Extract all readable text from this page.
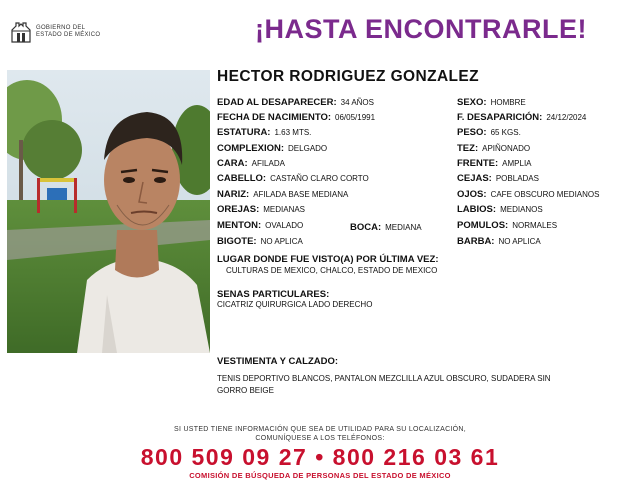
GOBIERNO DEL
ESTADO DE MÉXICO	¡HASTA ENCONTRARLE!
HECTOR RODRIGUEZ GONZALEZ
EDAD AL DESAPARECER: 34 AÑOS
FECHA DE NACIMIENTO: 06/05/1991
ESTATURA: 1.63 MTS.
COMPLEXION: DELGADO
CARA: AFILADA
CABELLO: CASTAÑO CLARO CORTO
NARIZ: AFILADA BASE MEDIANA
OREJAS: MEDIANAS
MENTON: OVALADO	BOCA: MEDIANA
BIGOTE: NO APLICA
SEXO: HOMBRE
F. DESAPARICIÓN: 24/12/2024
PESO: 65 KGS.
TEZ: APIÑONADO
FRENTE: AMPLIA
CEJAS: POBLADAS
OJOS: CAFE OBSCURO MEDIANOS
LABIOS: MEDIANOS
POMULOS: NORMALES
BARBA: NO APLICA
LUGAR DONDE FUE VISTO(A) POR ÚLTIMA VEZ:
CULTURAS DE MEXICO, CHALCO, ESTADO DE MEXICO
SENAS PARTICULARES:
CICATRIZ QUIRURGICA LADO DERECHO
VESTIMENTA Y CALZADO:
TENIS DEPORTIVO BLANCOS, PANTALON MEZCLILLA AZUL OBSCURO, SUDADERA SIN
GORRO BEIGE
SI USTED TIENE INFORMACIÓN QUE SEA DE UTILIDAD PARA SU LOCALIZACIÓN,
COMUNÍQUESE A LOS TELÉFONOS:
800 509 09 27 • 800 216 03 61
COMISIÓN DE BÚSQUEDA DE PERSONAS DEL ESTADO DE MÉXICO
